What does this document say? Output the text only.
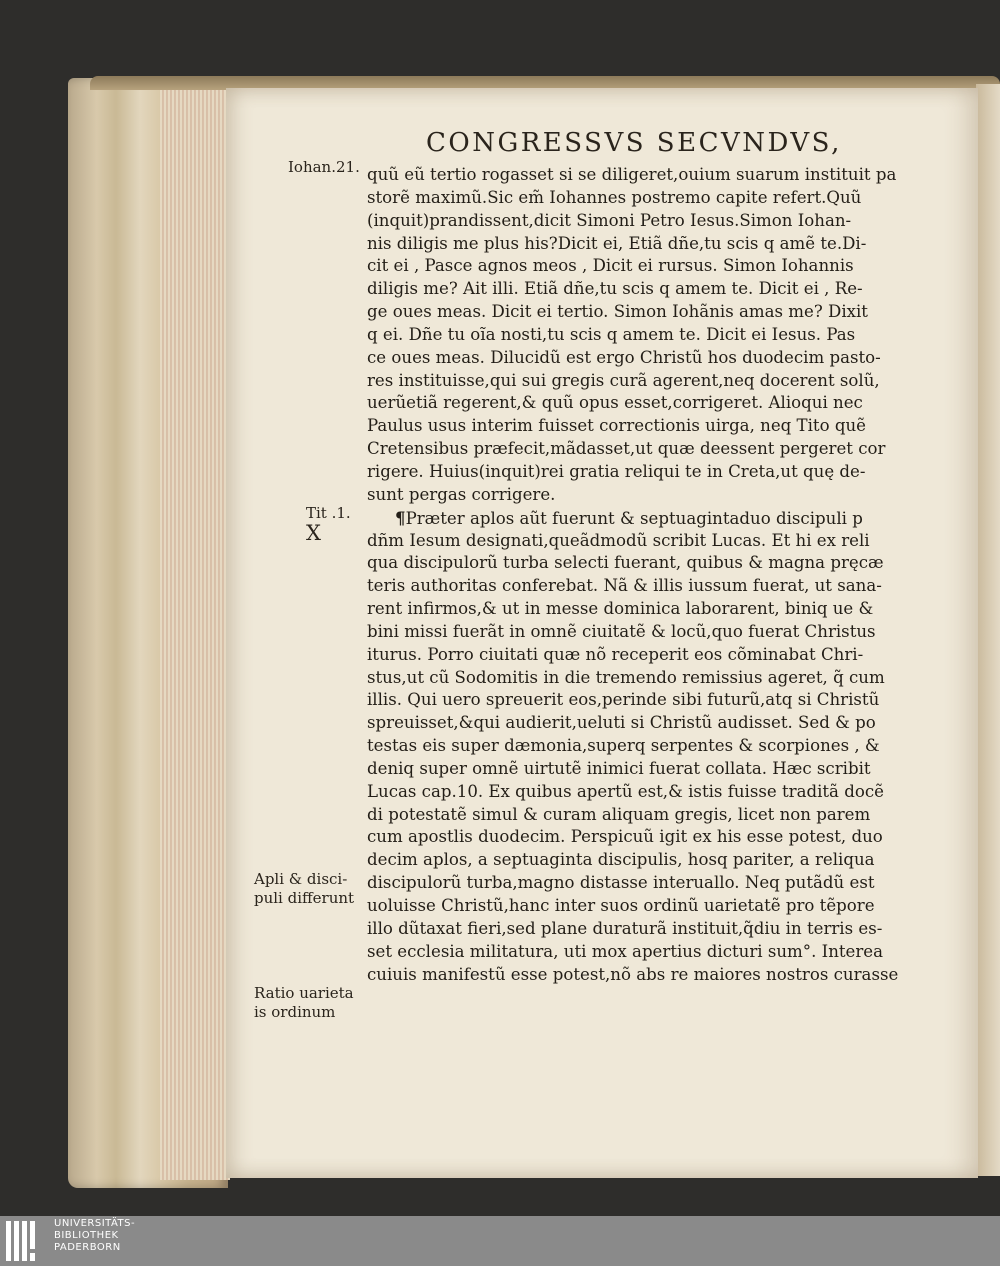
CONGRESSVS SECVNDVS,
Iohan.21.
Tit .1.
X
Apli & disci-
puli differunt
Ratio uarieta
is ordinum
quũ eũ tertio rogasset si se diligeret,ouium suarum instituit pa
storẽ maximũ.Sic em̃ Iohannes postremo capite refert.Quũ
(inquit)prandissent,dicit Simoni Petro Iesus.Simon Iohan-
nis diligis me plus his?Dicit ei, Etiã dñe,tu scis q amẽ te.Di-
cit ei , Pasce agnos meos , Dicit ei rursus. Simon Iohannis
diligis me? Ait illi. Etiã dñe,tu scis q amem te. Dicit ei , Re-
ge oues meas. Dicit ei tertio. Simon Iohãnis amas me? Dixit
q ei. Dñe tu oĩa nosti,tu scis q amem te. Dicit ei Iesus. Pas
ce oues meas. Dilucidũ est ergo Christũ hos duodecim pasto-
res instituisse,qui sui gregis curã agerent,neq docerent solũ,
uerũetiã regerent,& quũ opus esset,corrigeret. Alioqui nec
Paulus usus interim fuisset correctionis uirga, neq Tito quẽ
Cretensibus præfecit,mãdasset,ut quæ deessent pergeret cor
rigere. Huius(inquit)rei gratia reliqui te in Creta,ut quę de-
sunt pergas corrigere.
¶Præter aplos aũt fuerunt & septuagintaduo discipuli p
dñm Iesum designati,queãdmodũ scribit Lucas. Et hi ex reli
qua discipulorũ turba selecti fuerant, quibus & magna pręcæ
teris authoritas conferebat. Nã & illis iussum fuerat, ut sana-
rent infirmos,& ut in messe dominica laborarent, biniq ue &
bini missi fuerãt in omnẽ ciuitatẽ & locũ,quo fuerat Christus
iturus. Porro ciuitati quæ nõ receperit eos cõminabat Chri-
stus,ut cũ Sodomitis in die tremendo remissius ageret, q̃ cum
illis. Qui uero spreuerit eos,perinde sibi futurũ,atq si Christũ
spreuisset,&qui audierit,ueluti si Christũ audisset. Sed & po
testas eis super dæmonia,superq serpentes & scorpiones , &
deniq super omnẽ uirtutẽ inimici fuerat collata. Hæc scribit
Lucas cap.10. Ex quibus apertũ est,& istis fuisse traditã docẽ
di potestatẽ simul & curam aliquam gregis, licet non parem
cum apostlis duodecim. Perspicuũ igit ex his esse potest, duo
decim aplos, a septuaginta discipulis, hosq pariter, a reliqua
discipulorũ turba,magno distasse interuallo. Neq putãdũ est
uoluisse Christũ,hanc inter suos ordinũ uarietatẽ pro tẽpore
illo dũtaxat fieri,sed plane duraturã instituit,q̃diu in terris es-
set ecclesia militatura, uti mox apertius dicturi sum°. Interea
cuiuis manifestũ esse potest,nõ abs re maiores nostros curasse
UNIVERSITÄTS-
BIBLIOTHEK
PADERBORN
